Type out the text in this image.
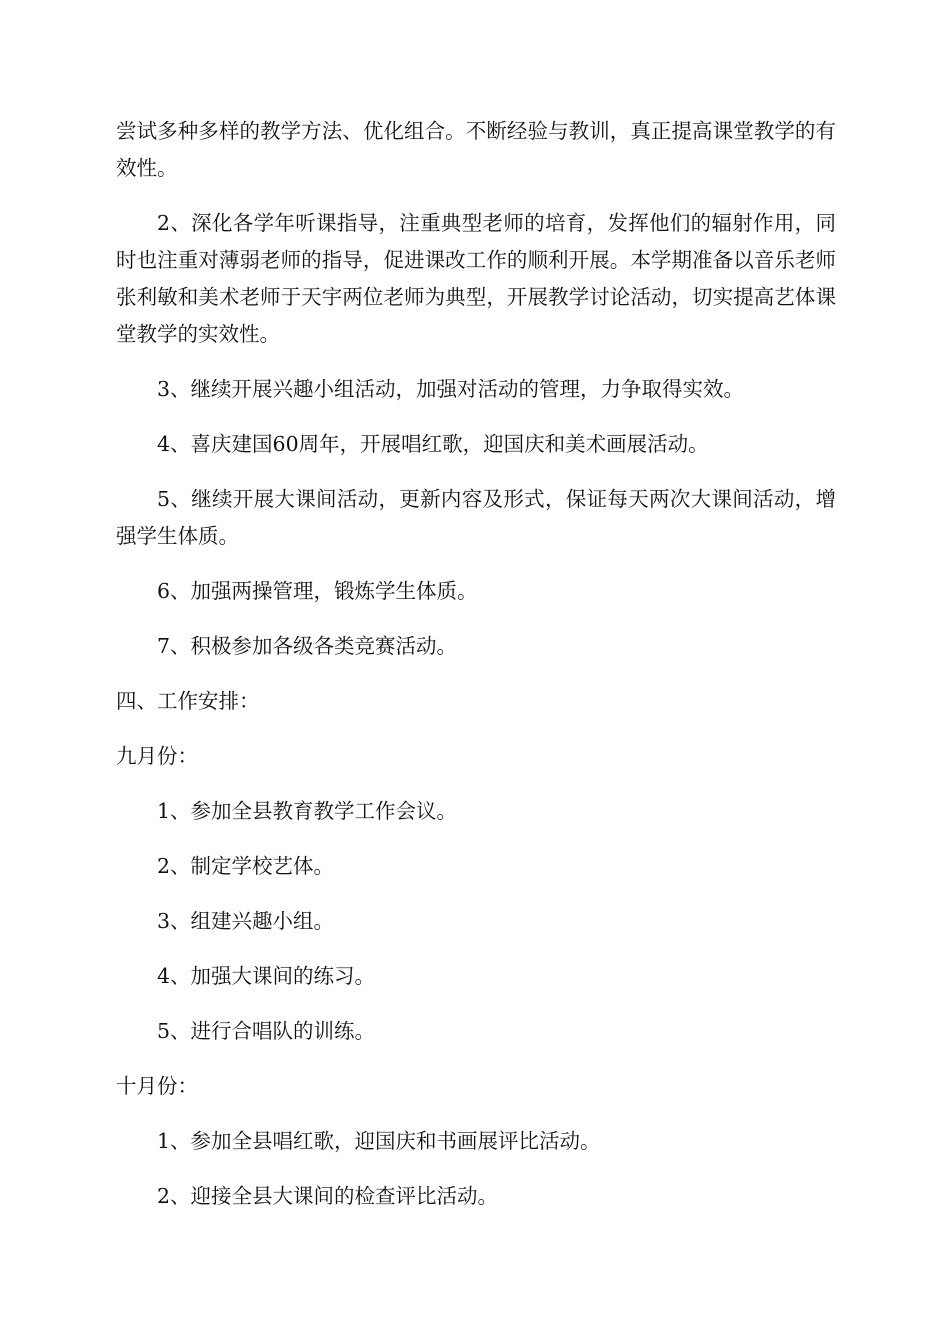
尝试多种多样的教学方法、优化组合。不断经验与教训，真正提高课堂教学的有效性。

2、深化各学年听课指导，注重典型老师的培育，发挥他们的辐射作用，同时也注重对薄弱老师的指导，促进课改工作的顺利开展。本学期准备以音乐老师张利敏和美术老师于天宇两位老师为典型，开展教学讨论活动，切实提高艺体课堂教学的实效性。

3、继续开展兴趣小组活动，加强对活动的管理，力争取得实效。

4、喜庆建国60周年，开展唱红歌，迎国庆和美术画展活动。

5、继续开展大课间活动，更新内容及形式，保证每天两次大课间活动，增强学生体质。

6、加强两操管理，锻炼学生体质。

7、积极参加各级各类竞赛活动。

四、工作安排：

九月份：

1、参加全县教育教学工作会议。

2、制定学校艺体。

3、组建兴趣小组。

4、加强大课间的练习。

5、进行合唱队的训练。

十月份：

1、参加全县唱红歌，迎国庆和书画展评比活动。

2、迎接全县大课间的检查评比活动。
